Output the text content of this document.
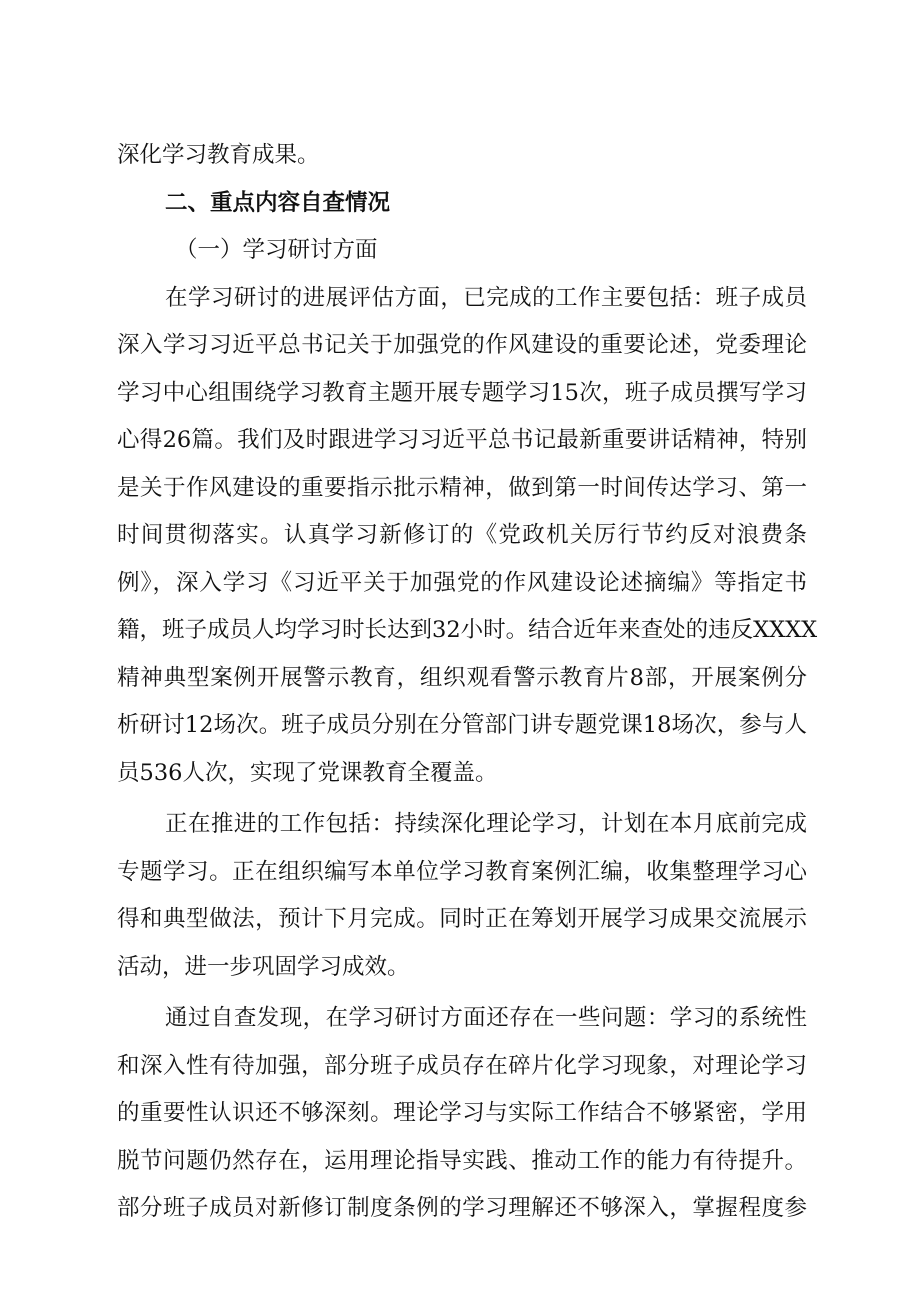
深化学习教育成果。
二、重点内容自查情况
（一）学习研讨方面
在学习研讨的进展评估方面，已完成的工作主要包括：班子成员
深入学习习近平总书记关于加强党的作风建设的重要论述，党委理论
学习中心组围绕学习教育主题开展专题学习15次，班子成员撰写学习
心得26篇。我们及时跟进学习习近平总书记最新重要讲话精神，特别
是关于作风建设的重要指示批示精神，做到第一时间传达学习、第一
时间贯彻落实。认真学习新修订的《党政机关厉行节约反对浪费条
例》，深入学习《习近平关于加强党的作风建设论述摘编》等指定书
籍，班子成员人均学习时长达到32小时。结合近年来查处的违反XXXX
精神典型案例开展警示教育，组织观看警示教育片8部，开展案例分
析研讨12场次。班子成员分别在分管部门讲专题党课18场次，参与人
员536人次，实现了党课教育全覆盖。
正在推进的工作包括：持续深化理论学习，计划在本月底前完成
专题学习。正在组织编写本单位学习教育案例汇编，收集整理学习心
得和典型做法，预计下月完成。同时正在筹划开展学习成果交流展示
活动，进一步巩固学习成效。
通过自查发现，在学习研讨方面还存在一些问题：学习的系统性
和深入性有待加强，部分班子成员存在碎片化学习现象，对理论学习
的重要性认识还不够深刻。理论学习与实际工作结合不够紧密，学用
脱节问题仍然存在，运用理论指导实践、推动工作的能力有待提升。
部分班子成员对新修订制度条例的学习理解还不够深入，掌握程度参
